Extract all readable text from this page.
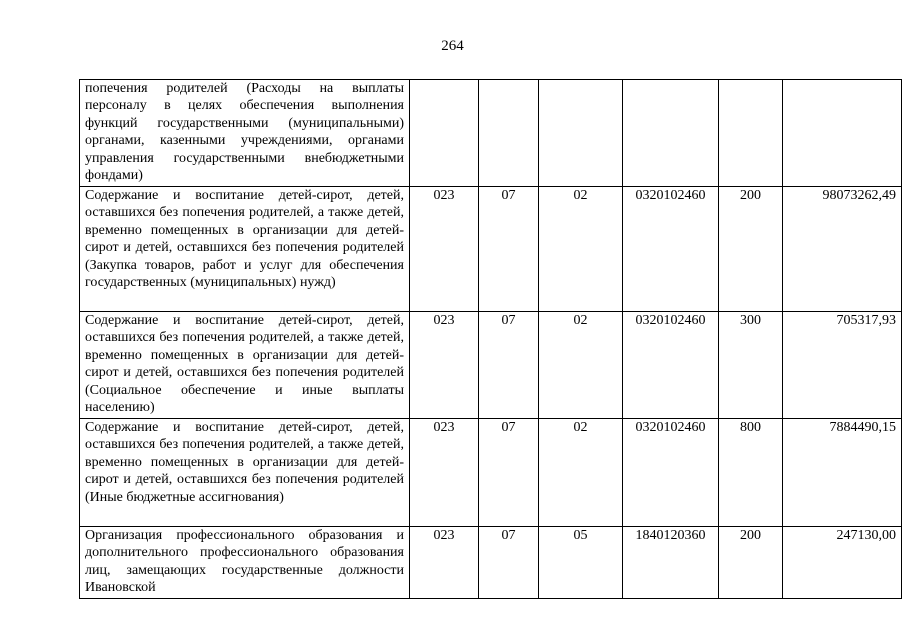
264
попечения родителей (Расходы на выплаты персоналу в целях обеспечения выполнения функций государственными (муниципальными) органами, казенными учреждениями, органами управления государственными внебюджетными фондами)						
Содержание и воспитание детей-сирот, детей, оставшихся без попечения родителей, а также детей, временно помещенных в организации для детей-сирот и детей, оставшихся без попечения родителей (Закупка товаров, работ и услуг для обеспечения государственных (муниципальных) нужд)	023	07	02	0320102460	200	98073262,49
Содержание и воспитание детей-сирот, детей, оставшихся без попечения родителей, а также детей, временно помещенных в организации для детей-сирот и детей, оставшихся без попечения родителей (Социальное обеспечение и иные выплаты населению)	023	07	02	0320102460	300	705317,93
Содержание и воспитание детей-сирот, детей, оставшихся без попечения родителей, а также детей, временно помещенных в организации для детей-сирот и детей, оставшихся без попечения родителей (Иные бюджетные ассигнования)	023	07	02	0320102460	800	7884490,15
Организация профессионального образования и дополнительного профессионального образования лиц, замещающих государственные должности Ивановской	023	07	05	1840120360	200	247130,00
